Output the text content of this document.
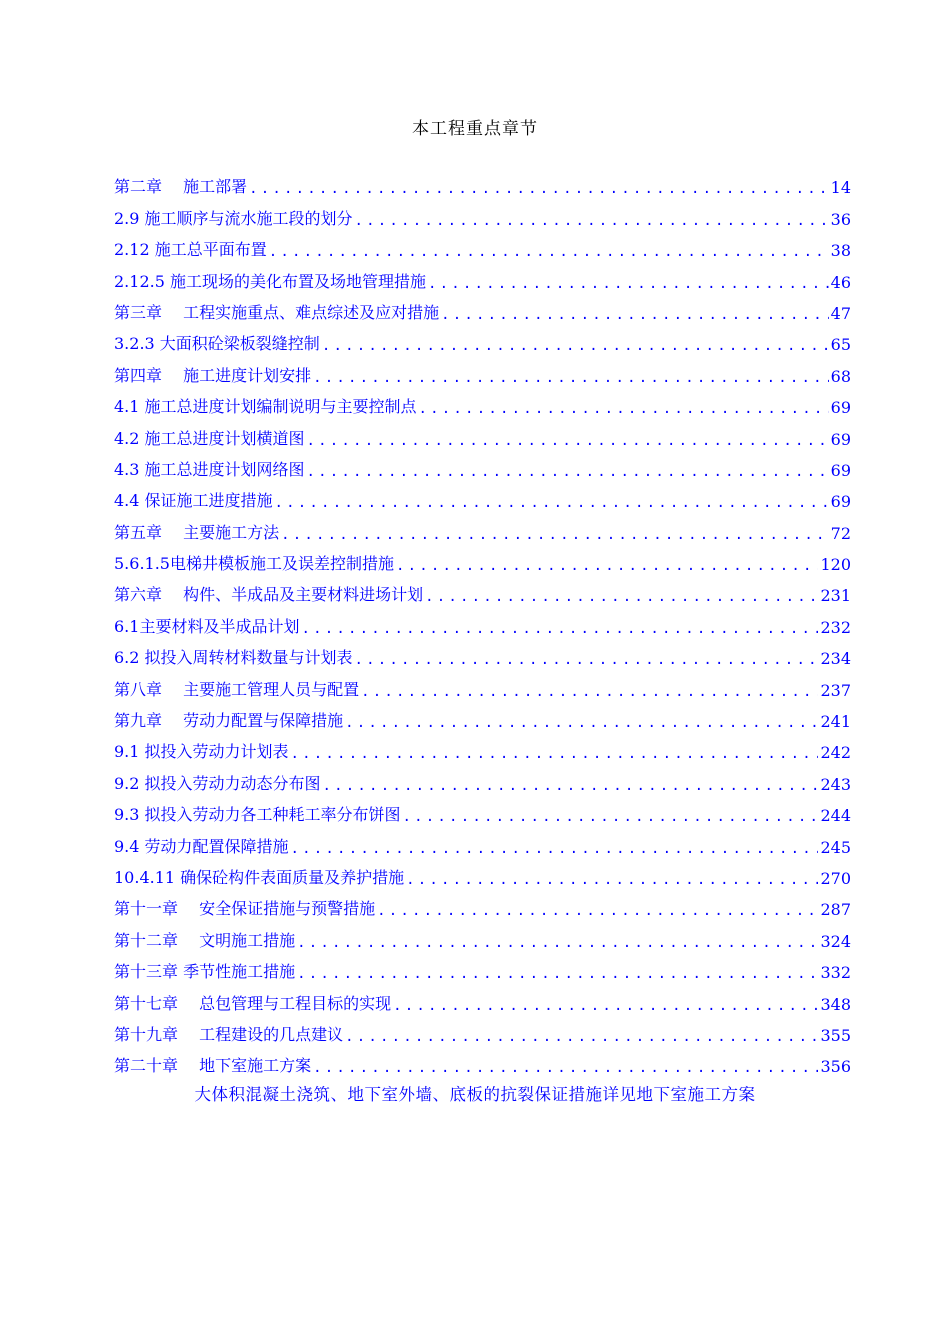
本工程重点章节
第二章　 施工部署 .....	14
2.9 施工顺序与流水施工段的划分 .....	36
2.12 施工总平面布置 .....	38
2.12.5 施工现场的美化布置及场地管理措施 .....	46
第三章　 工程实施重点、难点综述及应对措施 .....	47
3.2.3 大面积砼梁板裂缝控制 .....	65
第四章　 施工进度计划安排 .....	68
4.1 施工总进度计划编制说明与主要控制点 .....	69
4.2 施工总进度计划横道图 .....	69
4.3 施工总进度计划网络图 .....	69
4.4 保证施工进度措施 .....	69
第五章　 主要施工方法 .....	72
5.6.1.5电梯井模板施工及误差控制措施 .....	120
第六章　 构件、半成品及主要材料进场计划 .....	231
6.1主要材料及半成品计划 .....	232
6.2 拟投入周转材料数量与计划表 .....	234
第八章　 主要施工管理人员与配置 .....	237
第九章　 劳动力配置与保障措施 .....	241
9.1 拟投入劳动力计划表 .....	242
9.2 拟投入劳动力动态分布图 .....	243
9.3 拟投入劳动力各工种耗工率分布饼图 .....	244
9.4 劳动力配置保障措施 .....	245
10.4.11 确保砼构件表面质量及养护措施 .....	270
第十一章　 安全保证措施与预警措施 .....	287
第十二章　 文明施工措施 .....	324
第十三章 季节性施工措施 .....	332
第十七章　 总包管理与工程目标的实现 .....	348
第十九章　 工程建设的几点建议 .....	355
第二十章　 地下室施工方案 .....	356
大体积混凝土浇筑、地下室外墙、底板的抗裂保证措施详见地下室施工方案
